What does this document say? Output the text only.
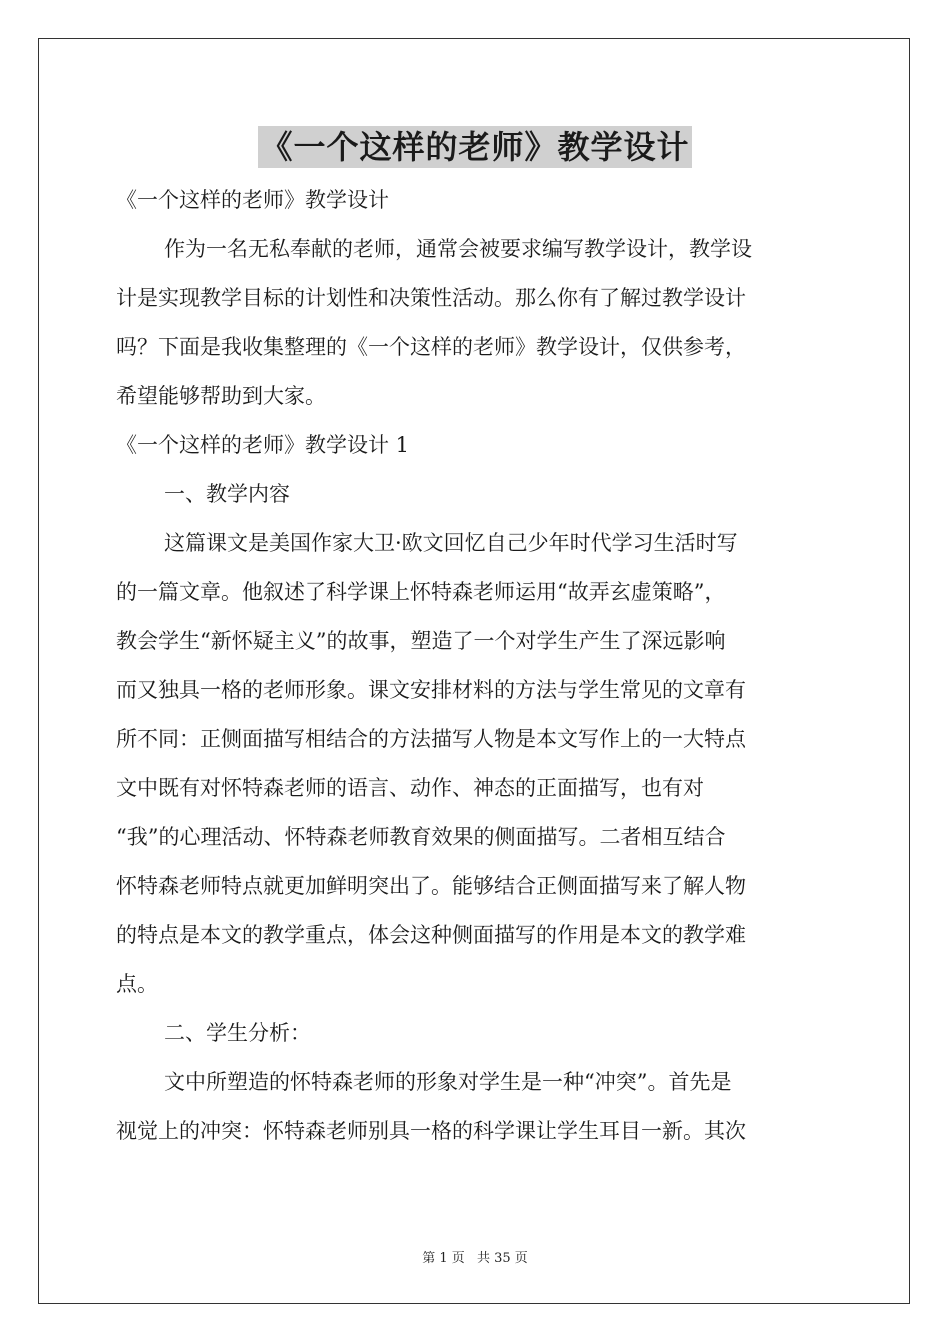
《一个这样的老师》教学设计
《一个这样的老师》教学设计
作为一名无私奉献的老师，通常会被要求编写教学设计，教学设
计是实现教学目标的计划性和决策性活动。那么你有了解过教学设计
吗？下面是我收集整理的《一个这样的老师》教学设计，仅供参考，
希望能够帮助到大家。
《一个这样的老师》教学设计 1
一、教学内容
这篇课文是美国作家大卫·欧文回忆自己少年时代学习生活时写
的一篇文章。他叙述了科学课上怀特森老师运用“故弄玄虚策略”，
教会学生“新怀疑主义”的故事，塑造了一个对学生产生了深远影响
而又独具一格的老师形象。课文安排材料的方法与学生常见的文章有
所不同：正侧面描写相结合的方法描写人物是本文写作上的一大特点
文中既有对怀特森老师的语言、动作、神态的正面描写，也有对
“我”的心理活动、怀特森老师教育效果的侧面描写。二者相互结合
怀特森老师特点就更加鲜明突出了。能够结合正侧面描写来了解人物
的特点是本文的教学重点，体会这种侧面描写的作用是本文的教学难
点。
二、学生分析：
文中所塑造的怀特森老师的形象对学生是一种“冲突”。首先是
视觉上的冲突：怀特森老师别具一格的科学课让学生耳目一新。其次
第 1 页 共 35 页
